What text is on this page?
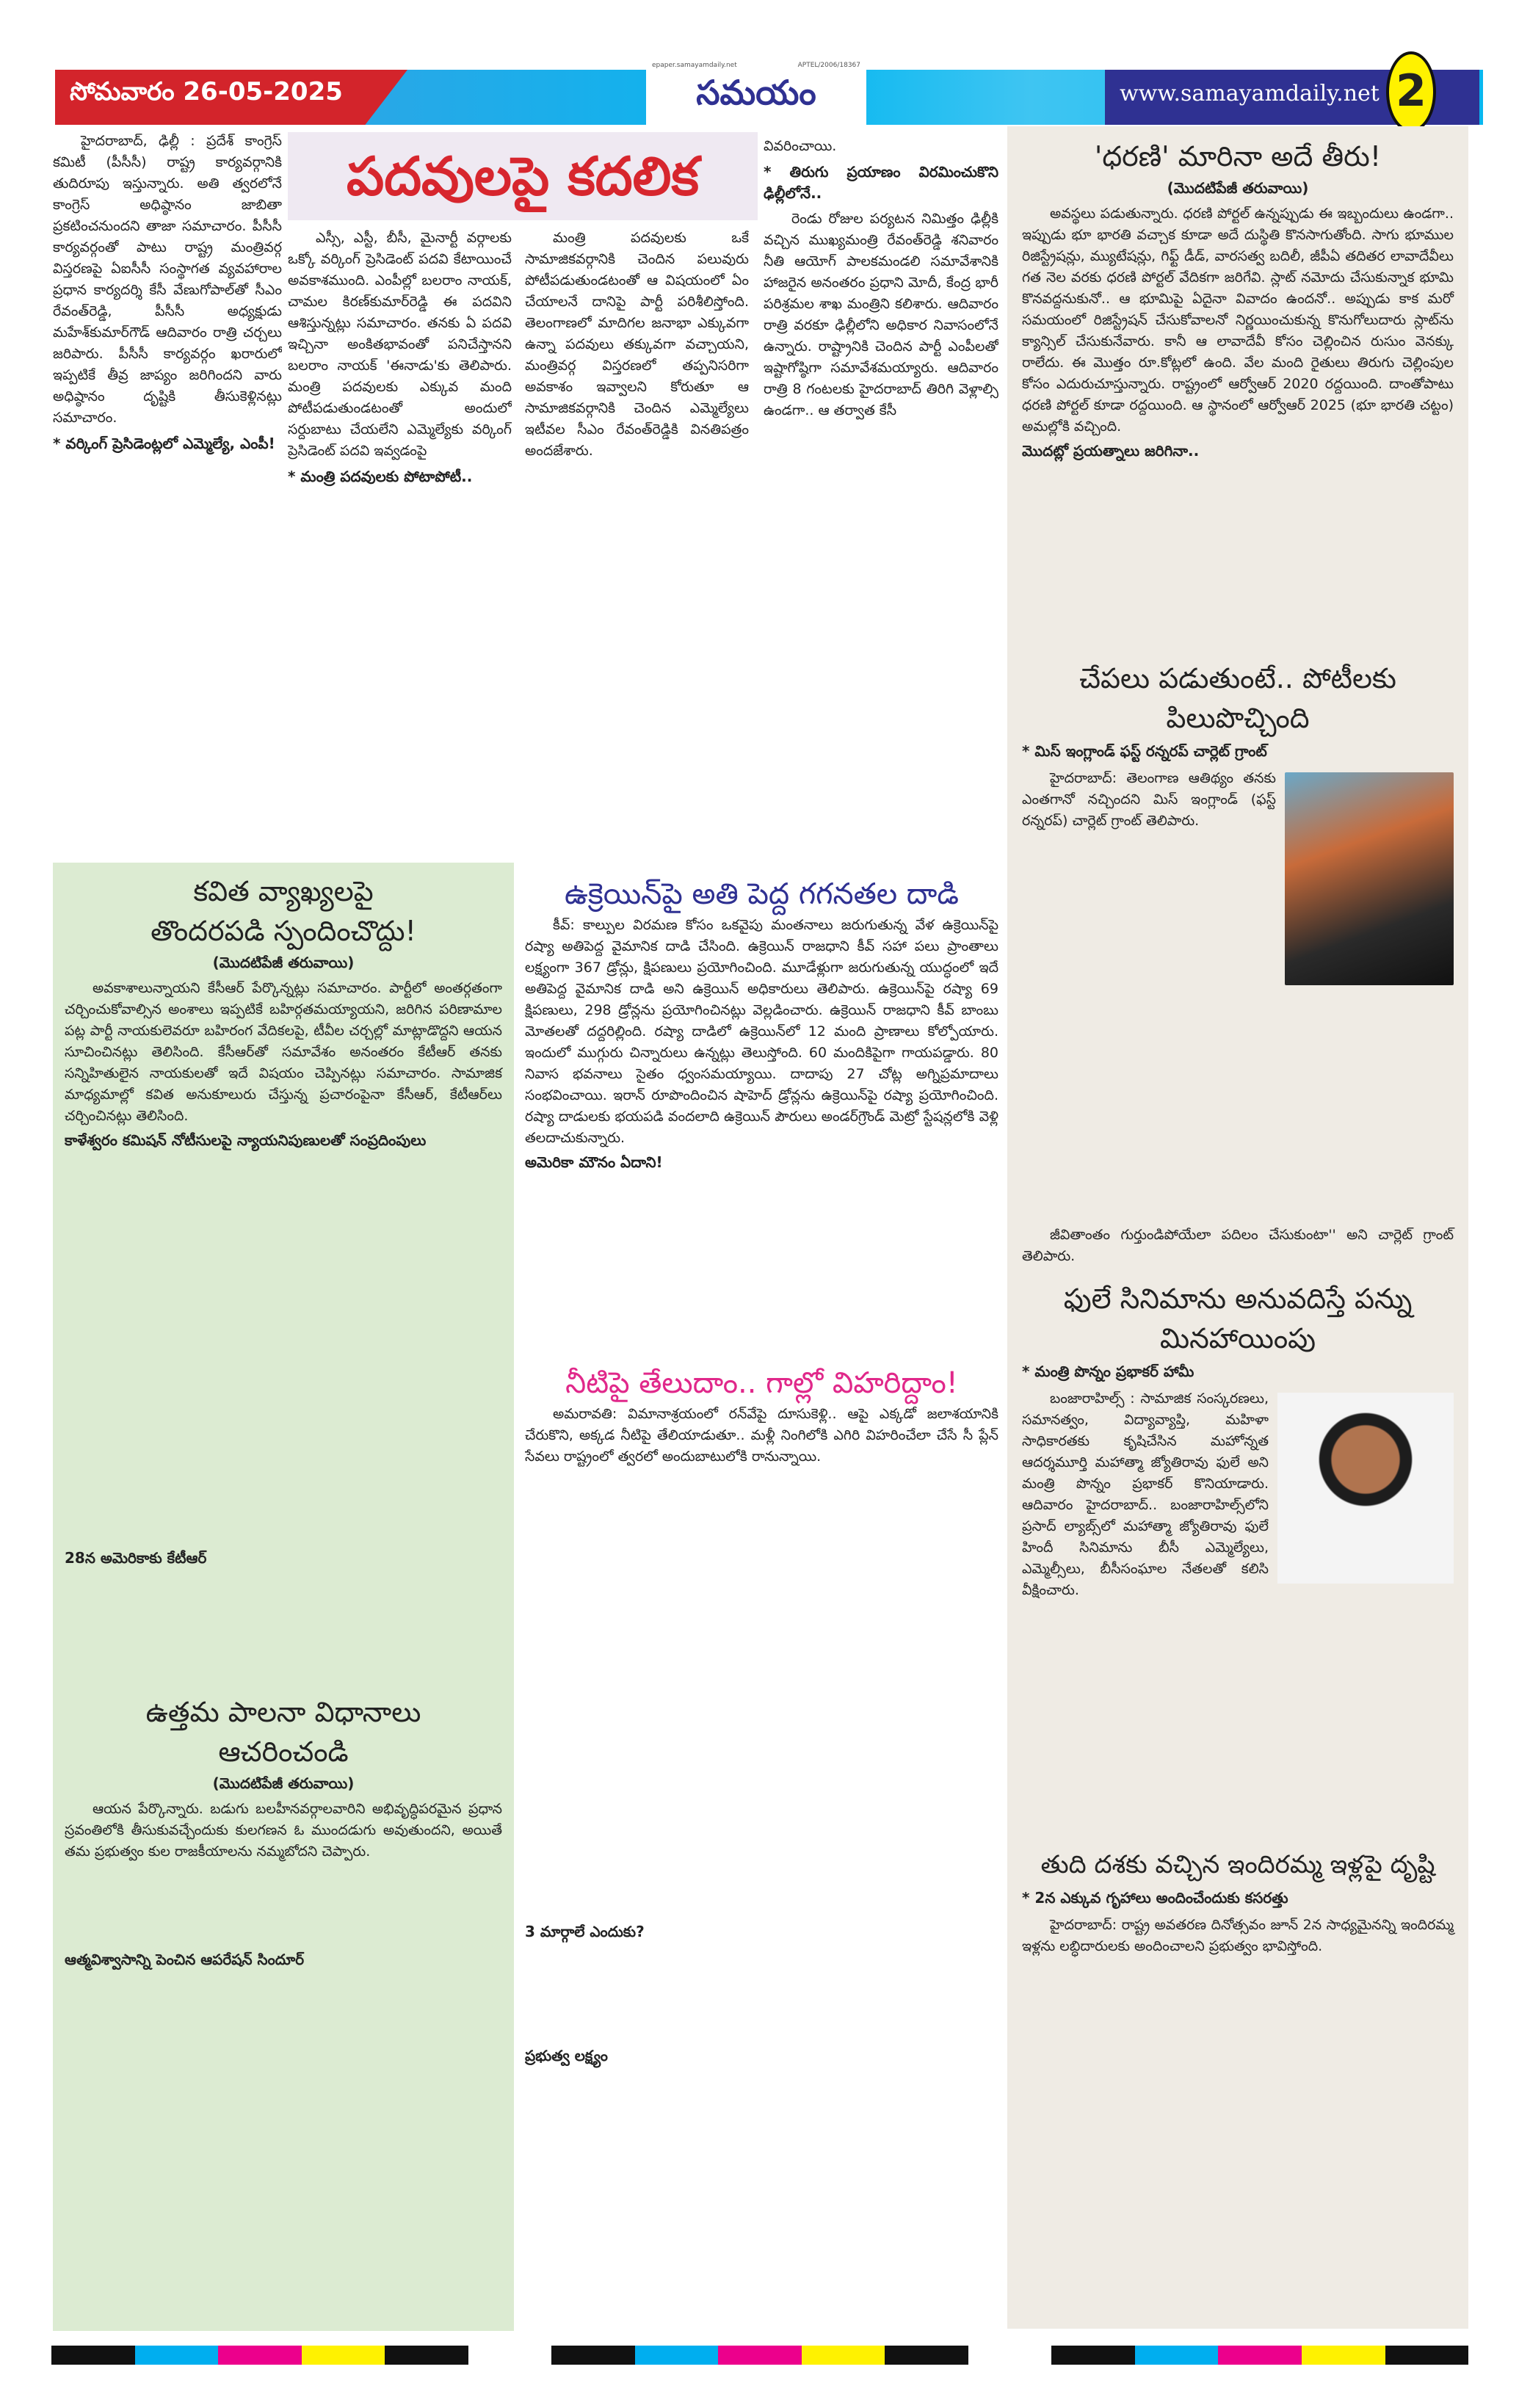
సోమవారం 26-05-2025
epaper.samayamdaily.net	APTEL/2006/18367
సమయం	www.samayamdaily.net 2

హైదరాబాద్, ఢిల్లీ : ప్రదేశ్ కాంగ్రెస్ కమిటీ (పీసీసీ) రాష్ట్ర కార్యవర్గానికి తుదిరూపు ఇస్తున్నారు. అతి త్వరలోనే కాంగ్రెస్ అధిష్ఠానం జాబితా ప్రకటించనుందని తాజా సమాచారం. పీసీసీ కార్యవర్గంతో పాటు రాష్ట్ర మంత్రివర్గ విస్తరణపై ఏఐసీసీ సంస్థాగత వ్యవహారాల ప్రధాన కార్యదర్శి కేసీ వేణుగోపాల్‌తో సీఎం రేవంత్‌రెడ్డి, పీసీసీ అధ్యక్షుడు మహేశ్‌కుమార్‌గౌడ్ ఆదివారం రాత్రి చర్చలు జరిపారు. పీసీసీ కార్యవర్గం ఖరారులో ఇప్పటికే తీవ్ర జాప్యం జరిగిందని వారు అధిష్ఠానం దృష్టికి తీసుకెళ్లినట్లు సమాచారం.

* వర్కింగ్ ప్రెసిడెంట్లలో ఎమ్మెల్యే, ఎంపీ!
పదవులపై కదలిక

ఎస్సీ, ఎస్టీ, బీసీ, మైనార్టీ వర్గాలకు ఒక్కో వర్కింగ్ ప్రెసిడెంట్ పదవి కేటాయించే అవకాశముంది. ఎంపీల్లో బలరాం నాయక్, చామల కిరణ్‌కుమార్‌రెడ్డి ఈ పదవిని ఆశిస్తున్నట్లు సమాచారం. తనకు ఏ పదవి ఇచ్చినా అంకితభావంతో పనిచేస్తానని బలరాం నాయక్ 'ఈనాడు'కు తెలిపారు. మంత్రి పదవులకు ఎక్కువ మంది పోటీపడుతుండటంతో అందులో సర్దుబాటు చేయలేని ఎమ్మెల్యేకు వర్కింగ్ ప్రెసిడెంట్ పదవి ఇవ్వడంపై

* మంత్రి పదవులకు పోటాపోటీ..

మంత్రి పదవులకు ఒకే సామాజికవర్గానికి చెందిన పలువురు పోటీపడుతుండటంతో ఆ విషయంలో ఏం చేయాలనే దానిపై పార్టీ పరిశీలిస్తోంది. తెలంగాణలో మాదిగల జనాభా ఎక్కువగా ఉన్నా పదవులు తక్కువగా వచ్చాయని, మంత్రివర్గ విస్తరణలో తప్పనిసరిగా అవకాశం ఇవ్వాలని కోరుతూ ఆ సామాజికవర్గానికి చెందిన ఎమ్మెల్యేలు ఇటీవల సీఎం రేవంత్‌రెడ్డికి వినతిపత్రం అందజేశారు.

వివరించాయి.
* తిరుగు ప్రయాణం విరమించుకొని ఢిల్లీలోనే..

రెండు రోజుల పర్యటన నిమిత్తం ఢిల్లీకి వచ్చిన ముఖ్యమంత్రి రేవంత్‌రెడ్డి శనివారం నీతి ఆయోగ్ పాలకమండలి సమావేశానికి హాజరైన అనంతరం ప్రధాని మోదీ, కేంద్ర భారీ పరిశ్రమల శాఖ మంత్రిని కలిశారు. ఆదివారం రాత్రి వరకూ ఢిల్లీలోని అధికార నివాసంలోనే ఉన్నారు. రాష్ట్రానికి చెందిన పార్టీ ఎంపీలతో ఇష్టాగోష్ఠిగా సమావేశమయ్యారు. ఆదివారం రాత్రి 8 గంటలకు హైదరాబాద్ తిరిగి వెళ్లాల్సి ఉండగా.. ఆ తర్వాత కేసీ

కవిత వ్యాఖ్యలపై
తొందరపడి స్పందించొద్దు!
(మొదటిపేజీ తరువాయి)

అవకాశాలున్నాయని కేసీఆర్ పేర్కొన్నట్లు సమాచారం. పార్టీలో అంతర్గతంగా చర్చించుకోవాల్సిన అంశాలు ఇప్పటికే బహిర్గతమయ్యాయని, జరిగిన పరిణామాల పట్ల పార్టీ నాయకులెవరూ బహిరంగ వేదికలపై, టీవీల చర్చల్లో మాట్లాడొద్దని ఆయన సూచించినట్లు తెలిసింది. కేసీఆర్‌తో సమావేశం అనంతరం కేటీఆర్ తనకు సన్నిహితులైన నాయకులతో ఇదే విషయం చెప్పినట్లు సమాచారం. సామాజిక మాధ్యమాల్లో కవిత అనుకూలురు చేస్తున్న ప్రచారంపైనా కేసీఆర్, కేటీఆర్‌లు చర్చించినట్లు తెలిసింది.

కాళేశ్వరం కమిషన్ నోటీసులపై న్యాయనిపుణులతో సంప్రదింపులు
28న అమెరికాకు కేటీఆర్
ఉత్తమ పాలనా విధానాలు
ఆచరించండి
(మొదటిపేజీ తరువాయి)

ఆయన పేర్కొన్నారు. బడుగు బలహీనవర్గాలవారిని అభివృద్ధిపరమైన ప్రధాన స్రవంతిలోకి తీసుకువచ్చేందుకు కులగణన ఓ ముందడుగు అవుతుందని, అయితే తమ ప్రభుత్వం కుల రాజకీయాలను నమ్మబోదని చెప్పారు.

ఆత్మవిశ్వాసాన్ని పెంచిన ఆపరేషన్ సిందూర్
ఉక్రెయిన్‌పై అతి పెద్ద గగనతల దాడి

కీవ్: కాల్పుల విరమణ కోసం ఒకవైపు మంతనాలు జరుగుతున్న వేళ ఉక్రెయిన్‌పై రష్యా అతిపెద్ద వైమానిక దాడి చేసింది. ఉక్రెయిన్ రాజధాని కీవ్ సహా పలు ప్రాంతాలు లక్ష్యంగా 367 డ్రోన్లు, క్షిపణులు ప్రయోగించింది. మూడేళ్లుగా జరుగుతున్న యుద్ధంలో ఇదే అతిపెద్ద వైమానిక దాడి అని ఉక్రెయిన్ అధికారులు తెలిపారు. ఉక్రెయిన్‌పై రష్యా 69 క్షిపణులు, 298 డ్రోన్లను ప్రయోగించినట్లు వెల్లడించారు. ఉక్రెయిన్ రాజధాని కీవ్ బాంబు మోతలతో దద్దరిల్లింది. రష్యా దాడిలో ఉక్రెయిన్‌లో 12 మంది ప్రాణాలు కోల్పోయారు. ఇందులో ముగ్గురు చిన్నారులు ఉన్నట్లు తెలుస్తోంది. 60 మందికిపైగా గాయపడ్డారు. 80 నివాస భవనాలు సైతం ధ్వంసమయ్యాయి. దాదాపు 27 చోట్ల అగ్నిప్రమాదాలు సంభవించాయి. ఇరాన్ రూపొందించిన షాహెద్ డ్రోన్లను ఉక్రెయిన్‌పై రష్యా ప్రయోగించింది. రష్యా దాడులకు భయపడి వందలాది ఉక్రెయిన్ పౌరులు అండర్‌గ్రౌండ్ మెట్రో స్టేషన్లలోకి వెళ్లి తలదాచుకున్నారు.

అమెరికా మౌనం ఏదాని!
నీటిపై తేలుదాం.. గాల్లో విహరిద్దాం!

అమరావతి: విమానాశ్రయంలో రన్‌వేపై దూసుకెళ్లి.. ఆపై ఎక్కడో జలాశయానికి చేరుకొని, అక్కడ నీటిపై తేలియాడుతూ.. మళ్లీ నింగిలోకి ఎగిరి విహరించేలా చేసే సీ ప్లేన్ సేవలు రాష్ట్రంలో త్వరలో అందుబాటులోకి రానున్నాయి.

3 మార్గాలే ఎందుకు?
ప్రభుత్వ లక్ష్యం
'ధరణి' మారినా అదే తీరు!
(మొదటిపేజీ తరువాయి)

అవస్థలు పడుతున్నారు. ధరణి పోర్టల్ ఉన్నప్పుడు ఈ ఇబ్బందులు ఉండగా.. ఇప్పుడు భూ భారతి వచ్చాక కూడా అదే దుస్థితి కొనసాగుతోంది. సాగు భూముల రిజిస్ట్రేషన్లు, మ్యుటేషన్లు, గిఫ్ట్ డీడ్, వారసత్వ బదిలీ, జీపీఏ తదితర లావాదేవీలు గత నెల వరకు ధరణి పోర్టల్ వేదికగా జరిగేవి. స్లాట్ నమోదు చేసుకున్నాక భూమి కొనవద్దనుకునో.. ఆ భూమిపై ఏదైనా వివాదం ఉందనో.. అప్పుడు కాక మరో సమయంలో రిజిస్ట్రేషన్ చేసుకోవాలనో నిర్ణయించుకున్న కొనుగోలుదారు స్లాట్‌ను క్యాన్సిల్ చేసుకునేవారు. కానీ ఆ లావాదేవీ కోసం చెల్లించిన రుసుం వెనక్కు రాలేదు. ఈ మొత్తం రూ.కోట్లలో ఉంది. వేల మంది రైతులు తిరుగు చెల్లింపుల కోసం ఎదురుచూస్తున్నారు. రాష్ట్రంలో ఆర్వోఆర్ 2020 రద్దయింది. దాంతోపాటు ధరణి పోర్టల్ కూడా రద్దయింది. ఆ స్థానంలో ఆర్వోఆర్ 2025 (భూ భారతి చట్టం) అమల్లోకి వచ్చింది.

మొదట్లో ప్రయత్నాలు జరిగినా..
చేపలు పడుతుంటే.. పోటీలకు
పిలుపొచ్చింది
* మిస్ ఇంగ్లాండ్ ఫస్ట్ రన్నరప్ చార్లెట్ గ్రాంట్

హైదరాబాద్: తెలంగాణ ఆతిథ్యం తనకు ఎంతగానో నచ్చిందని మిస్ ఇంగ్లాండ్ (ఫస్ట్ రన్నరప్) చార్లెట్ గ్రాంట్ తెలిపారు.

జీవితాంతం గుర్తుండిపోయేలా పదిలం చేసుకుంటా'' అని చార్లెట్ గ్రాంట్ తెలిపారు.

ఫులే సినిమాను అనువదిస్తే పన్ను
మినహాయింపు
* మంత్రి పొన్నం ప్రభాకర్ హామీ

బంజారాహిల్స్ : సామాజిక సంస్కరణలు, సమానత్వం, విద్యావ్యాప్తి, మహిళా సాధికారతకు కృషిచేసిన మహోన్నత ఆదర్శమూర్తి మహాత్మా జ్యోతిరావు ఫులే అని మంత్రి పొన్నం ప్రభాకర్ కొనియాడారు. ఆదివారం హైదరాబాద్.. బంజారాహిల్స్‌లోని ప్రసాద్ ల్యాబ్స్‌లో మహాత్మా జ్యోతిరావు ఫులే హిందీ సినిమాను బీసీ ఎమ్మెల్యేలు, ఎమ్మెల్సీలు, బీసీసంఘాల నేతలతో కలిసి వీక్షించారు.

తుది దశకు వచ్చిన ఇందిరమ్మ ఇళ్లపై దృష్టి
* 2న ఎక్కువ గృహాలు అందించేందుకు కసరత్తు

హైదరాబాద్: రాష్ట్ర అవతరణ దినోత్సవం జూన్ 2న సాధ్యమైనన్ని ఇందిరమ్మ ఇళ్లను లబ్ధిదారులకు అందించాలని ప్రభుత్వం భావిస్తోంది.
